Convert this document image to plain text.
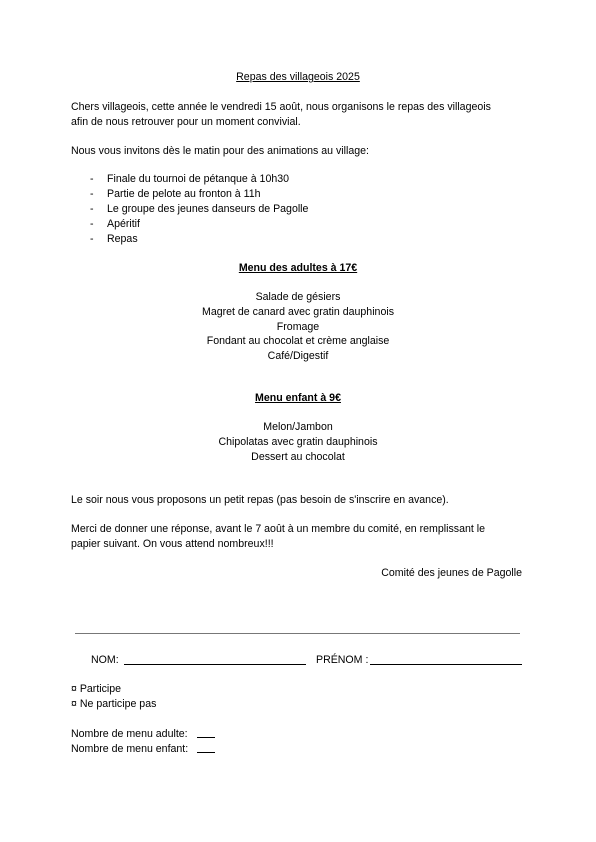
Repas des villageois 2025
Chers villageois, cette année le vendredi 15 août, nous organisons le repas des villageois
afin de nous retrouver pour un moment convivial.
Nous vous invitons dès le matin pour des animations au village:
- Finale du tournoi de pétanque à 10h30
- Partie de pelote au fronton à 11h
- Le groupe des jeunes danseurs de Pagolle
- Apéritif
- Repas
Menu des adultes à 17€
Salade de gésiers
Magret de canard avec gratin dauphinois
Fromage
Fondant au chocolat et crème anglaise
Café/Digestif
Menu enfant à 9€
Melon/Jambon
Chipolatas avec gratin dauphinois
Dessert au chocolat
Le soir nous vous proposons un petit repas (pas besoin de s'inscrire en avance).
Merci de donner une réponse, avant le 7 août à un membre du comité, en remplissant le
papier suivant. On vous attend nombreux!!!
Comité des jeunes de Pagolle
NOM:	PRÉNOM :
¤ Participe
¤ Ne participe pas
Nombre de menu adulte:
Nombre de menu enfant:
